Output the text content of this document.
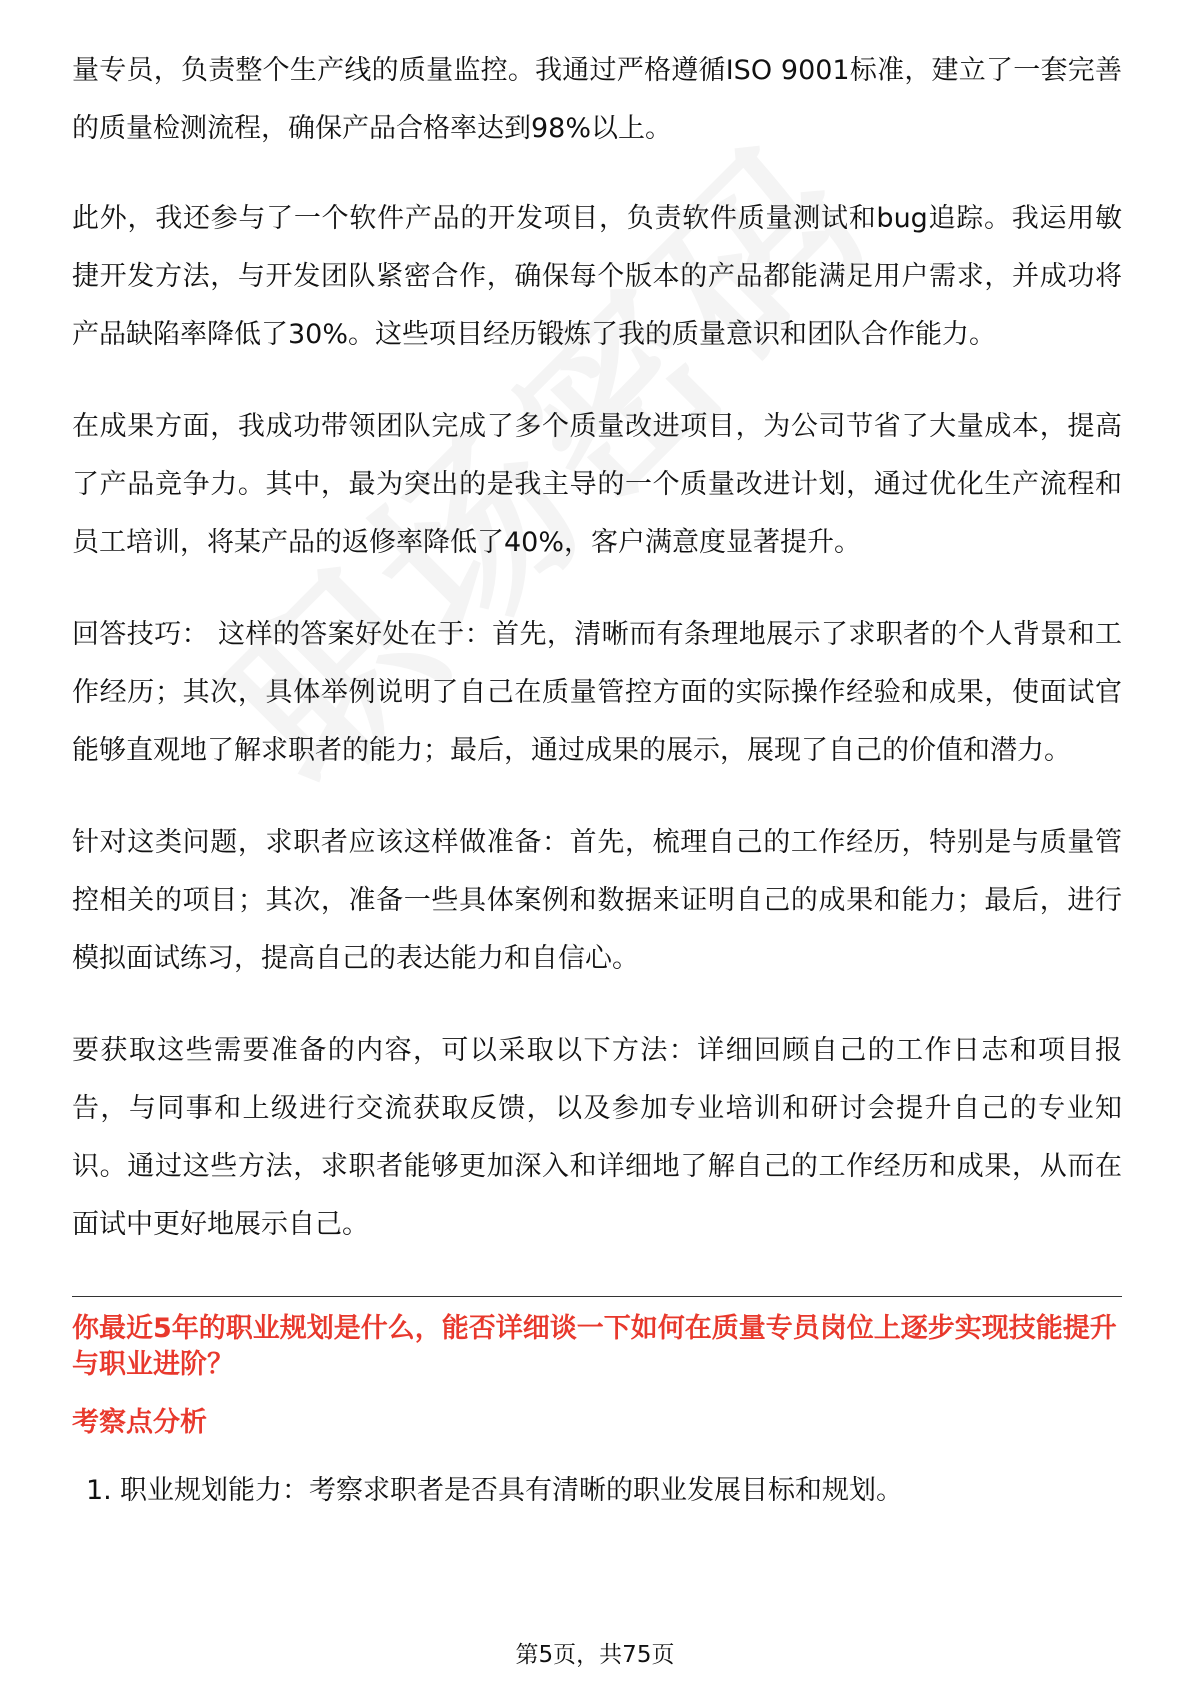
量专员，负责整个生产线的质量监控。我通过严格遵循ISO 9001标准，建立了一套完善的质量检测流程，确保产品合格率达到98%以上。

此外，我还参与了一个软件产品的开发项目，负责软件质量测试和bug追踪。我运用敏捷开发方法，与开发团队紧密合作，确保每个版本的产品都能满足用户需求，并成功将产品缺陷率降低了30%。这些项目经历锻炼了我的质量意识和团队合作能力。

在成果方面，我成功带领团队完成了多个质量改进项目，为公司节省了大量成本，提高了产品竞争力。其中，最为突出的是我主导的一个质量改进计划，通过优化生产流程和员工培训，将某产品的返修率降低了40%，客户满意度显著提升。

回答技巧： 这样的答案好处在于：首先，清晰而有条理地展示了求职者的个人背景和工作经历；其次，具体举例说明了自己在质量管控方面的实际操作经验和成果，使面试官能够直观地了解求职者的能力；最后，通过成果的展示，展现了自己的价值和潜力。

针对这类问题，求职者应该这样做准备：首先，梳理自己的工作经历，特别是与质量管控相关的项目；其次，准备一些具体案例和数据来证明自己的成果和能力；最后，进行模拟面试练习，提高自己的表达能力和自信心。

要获取这些需要准备的内容，可以采取以下方法：详细回顾自己的工作日志和项目报告，与同事和上级进行交流获取反馈，以及参加专业培训和研讨会提升自己的专业知识。通过这些方法，求职者能够更加深入和详细地了解自己的工作经历和成果，从而在面试中更好地展示自己。

你最近5年的职业规划是什么，能否详细谈一下如何在质量专员岗位上逐步实现技能提升与职业进阶？
考察点分析
1. 职业规划能力：考察求职者是否具有清晰的职业发展目标和规划。
第5页，共75页
